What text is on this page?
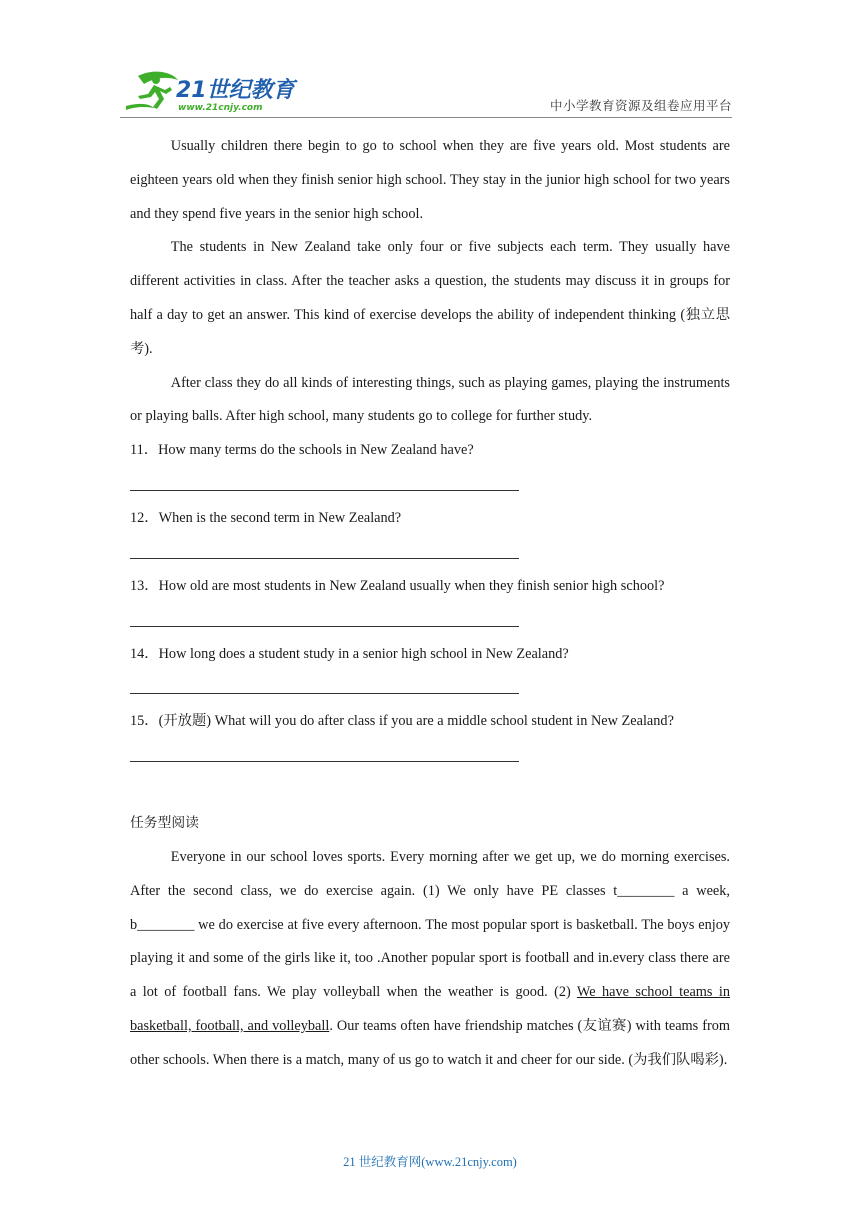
21世纪教育
www.21cnjy.com	中小学教育资源及组卷应用平台

Usually children there begin to go to school when they are five years old. Most students are eighteen years old when they finish senior high school. They stay in the junior high school for two years and they spend five years in the senior high school.

The students in New Zealand take only four or five subjects each term. They usually have different activities in class. After the teacher asks a question, the students may discuss it in groups for half a day to get an answer. This kind of exercise develops the ability of independent thinking (独立思考).

After class they do all kinds of interesting things, such as playing games, playing the instruments or playing balls. After high school, many students go to college for further study.

11．How many terms do the schools in New Zealand have?

12．When is the second term in New Zealand?

13．How old are most students in New Zealand usually when they finish senior high school?

14．How long does a student study in a senior high school in New Zealand?

15．(开放题) What will you do after class if you are a middle school student in New Zealand?

任务型阅读

Everyone in our school loves sports. Every morning after we get up, we do morning exercises. After the second class, we do exercise again. (1) We only have PE classes t________ a week, b________ we do exercise at five every afternoon. The most popular sport is basketball. The boys enjoy playing it and some of the girls like it, too .Another popular sport is football and in.every class there are a lot of football fans. We play volleyball when the weather is good. (2) We have school teams in basketball, football, and volleyball. Our teams often have friendship matches (友谊赛) with teams from other schools. When there is a match, many of us go to watch it and cheer for our side. (为我们队喝彩).

21 世纪教育网(www.21cnjy.com)
